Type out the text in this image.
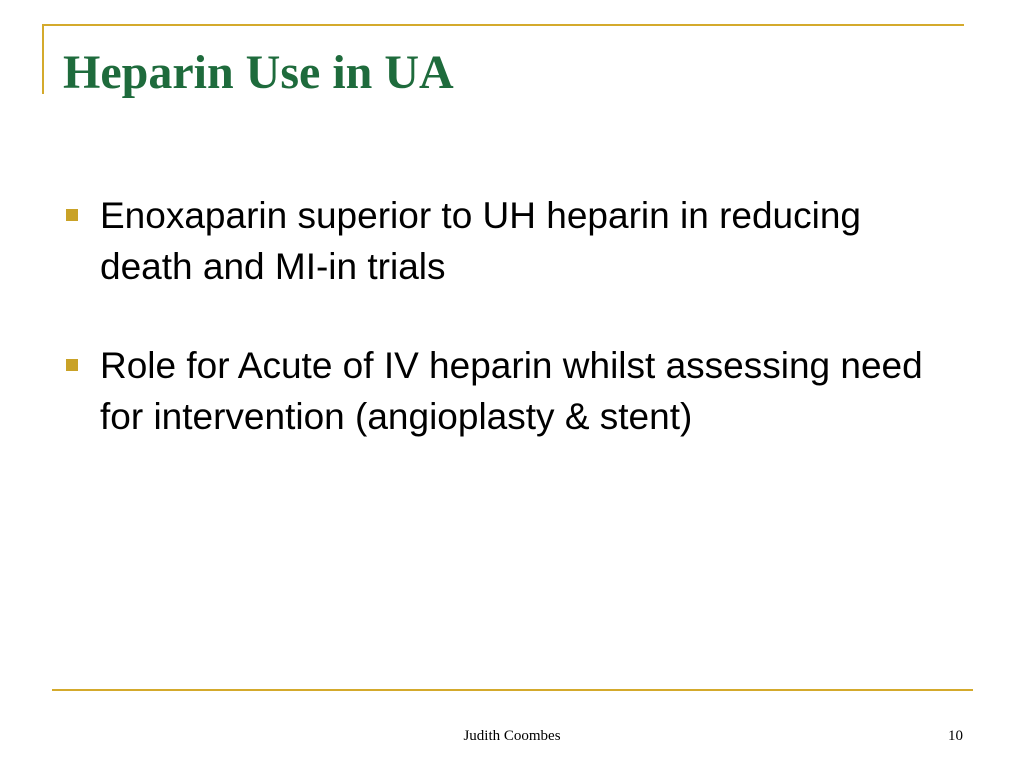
Heparin Use in UA
Enoxaparin superior to UH heparin in reducing death and MI-in trials
Role for Acute of IV heparin whilst assessing need for intervention (angioplasty & stent)
Judith Coombes	10
